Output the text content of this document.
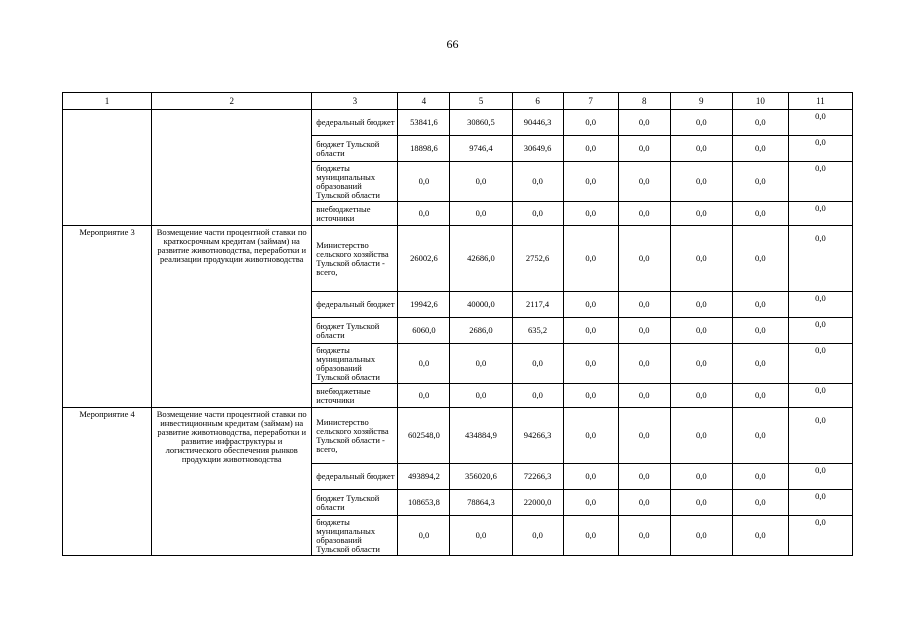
66
1	2	3	4	5	6	7	8	9	10	11
		федеральный бюджет	53841,6	30860,5	90446,3	0,0	0,0	0,0	0,0	0,0
		бюджет Тульской области	18898,6	9746,4	30649,6	0,0	0,0	0,0	0,0	0,0
		бюджеты муниципальных образований Тульской области	0,0	0,0	0,0	0,0	0,0	0,0	0,0	0,0
		внебюджетные источники	0,0	0,0	0,0	0,0	0,0	0,0	0,0	0,0
Мероприятие 3	Возмещение части процентной ставки по краткосрочным кредитам (займам) на развитие животноводства, переработки и реализации продукции животноводства	Министерство сельского хозяйства Тульской области - всего,	26002,6	42686,0	2752,6	0,0	0,0	0,0	0,0	0,0
		федеральный бюджет	19942,6	40000,0	2117,4	0,0	0,0	0,0	0,0	0,0
		бюджет Тульской области	6060,0	2686,0	635,2	0,0	0,0	0,0	0,0	0,0
		бюджеты муниципальных образований Тульской области	0,0	0,0	0,0	0,0	0,0	0,0	0,0	0,0
		внебюджетные источники	0,0	0,0	0,0	0,0	0,0	0,0	0,0	0,0
Мероприятие 4	Возмещение части процентной ставки по инвестиционным кредитам (займам) на развитие животноводства, переработки и развитие инфраструктуры и логистического обеспечения рынков продукции животноводства	Министерство сельского хозяйства Тульской области - всего,	602548,0	434884,9	94266,3	0,0	0,0	0,0	0,0	0,0
		федеральный бюджет	493894,2	356020,6	72266,3	0,0	0,0	0,0	0,0	0,0
		бюджет Тульской области	108653,8	78864,3	22000,0	0,0	0,0	0,0	0,0	0,0
		бюджеты муниципальных образований Тульской области	0,0	0,0	0,0	0,0	0,0	0,0	0,0	0,0
